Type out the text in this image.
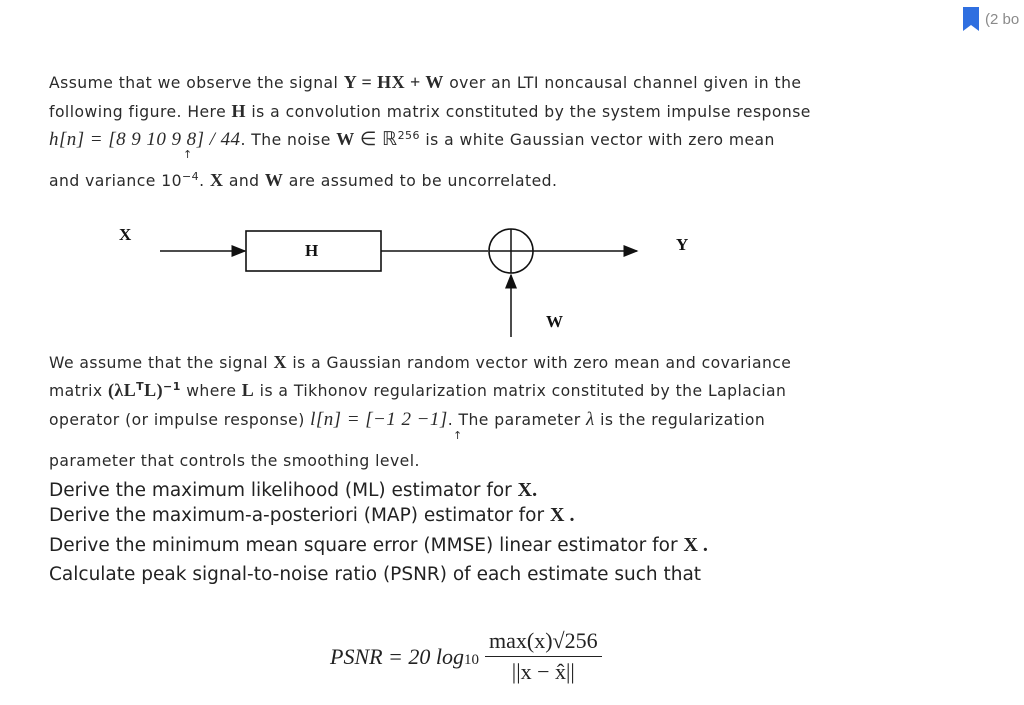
(2 bo
Assume that we observe the signal Y = HX + W over an LTI noncausal channel given in the
following figure. Here H is a convolution matrix constituted by the system impulse response
h[n] = [8 9 10 9 8] / 44. The noise W ∈ ℝ$^{256}$ is a white Gaussian vector with zero mean
↑
and variance $10^{-4}$. X and W are assumed to be uncorrelated.
X
H	Y
W
We assume that the signal X is a Gaussian random vector with zero mean and covariance
matrix $(\lambda L^TL)^{-1}$ where L is a Tikhonov regularization matrix constituted by the Laplacian
operator (or impulse response) l[n] = [−1 2 −1]. The parameter λ is the regularization
↑
parameter that controls the smoothing level.
Derive the maximum likelihood (ML) estimator for X.
Derive the maximum-a-posteriori (MAP) estimator for X .
Derive the minimum mean square error (MMSE) linear estimator for X .
Calculate peak signal-to-noise ratio (PSNR) of each estimate such that
PSNR = 20 $\log_{10} \frac{\max(x)√256}{||x - x̂||}$
